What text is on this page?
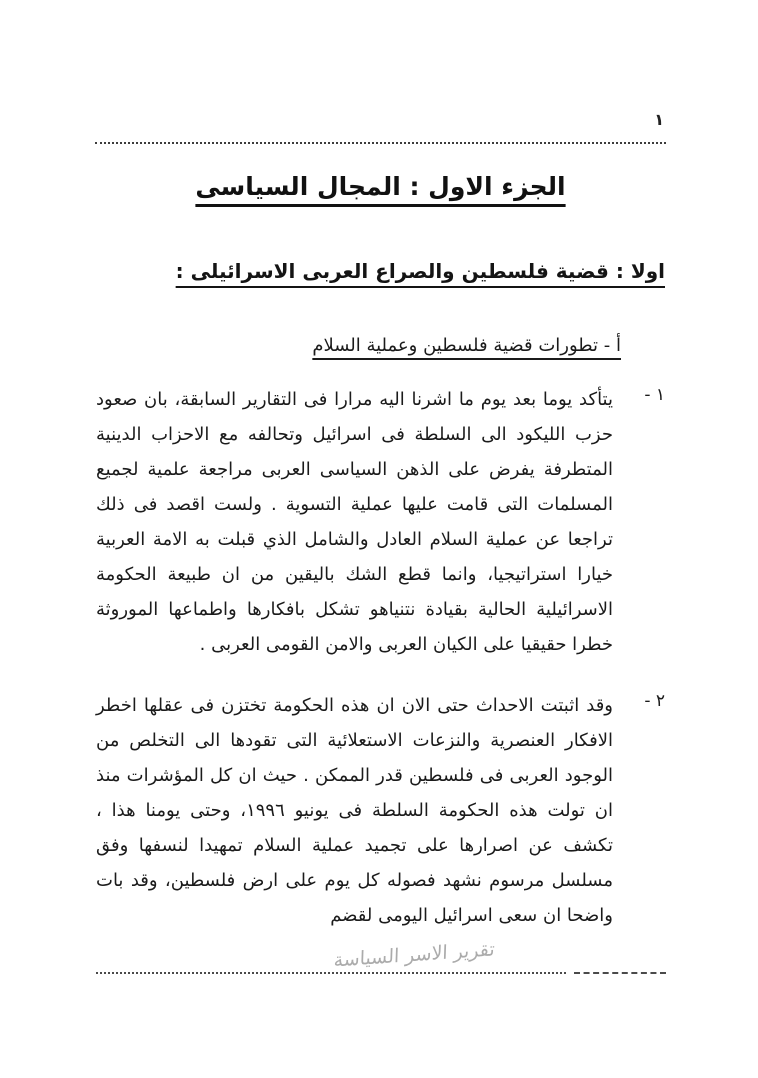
١
الجزء الاول : المجال السياسى
اولا : قضية فلسطين والصراع العربى الاسرائيلى :
أ - تطورات قضية فلسطين وعملية السلام
١ -
يتأكد يوما بعد يوم ما اشرنا اليه مرارا فى التقارير السابقة، بان صعود حزب الليكود الى السلطة فى اسرائيل وتحالفه مع الاحزاب الدينية المتطرفة يفرض على الذهن السياسى العربى مراجعة علمية لجميع المسلمات التى قامت عليها عملية التسوية . ولست اقصد فى ذلك تراجعا عن عملية السلام العادل والشامل الذي قبلت به الامة العربية خيارا استراتيجيا، وانما قطع الشك باليقين من ان طبيعة الحكومة الاسرائيلية الحالية بقيادة نتنياهو تشكل بافكارها واطماعها الموروثة خطرا حقيقيا على الكيان العربى والامن القومى العربى .
٢ -
وقد اثبتت الاحداث حتى الان ان هذه الحكومة تختزن فى عقلها اخطر الافكار العنصرية والنزعات الاستعلائية التى تقودها الى التخلص من الوجود العربى فى فلسطين قدر الممكن . حيث ان كل المؤشرات منذ ان تولت هذه الحكومة السلطة فى يونيو ١٩٩٦، وحتى يومنا هذا ، تكشف عن اصرارها على تجميد عملية السلام تمهيدا لنسفها وفق مسلسل مرسوم نشهد فصوله كل يوم على ارض فلسطين، وقد بات واضحا ان سعى اسرائيل اليومى لقضم
تقرير الاسر السياسة
